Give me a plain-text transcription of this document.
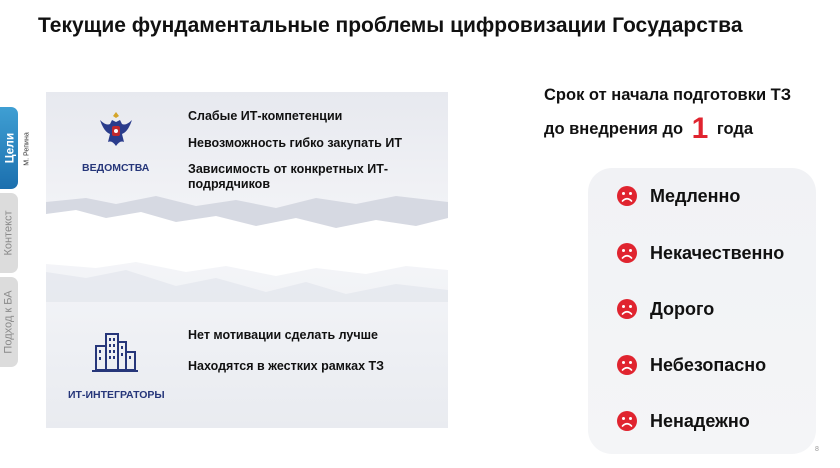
Текущие фундаментальные проблемы цифровизации Государства
Цели
Контекст
Подход к БА
М. Репина
ВЕДОМСТВА
Слабые ИТ-компетенции
Невозможность гибко закупать ИТ
Зависимость от конкретных ИТ-подрядчиков
ИТ-ИНТЕГРАТОРЫ
Нет мотивации сделать лучше
Находятся в жестких рамках ТЗ
Срок от начала подготовки ТЗ
до внедрения до 1 года
Медленно
Некачественно
Дорого
Небезопасно
Ненадежно
8
